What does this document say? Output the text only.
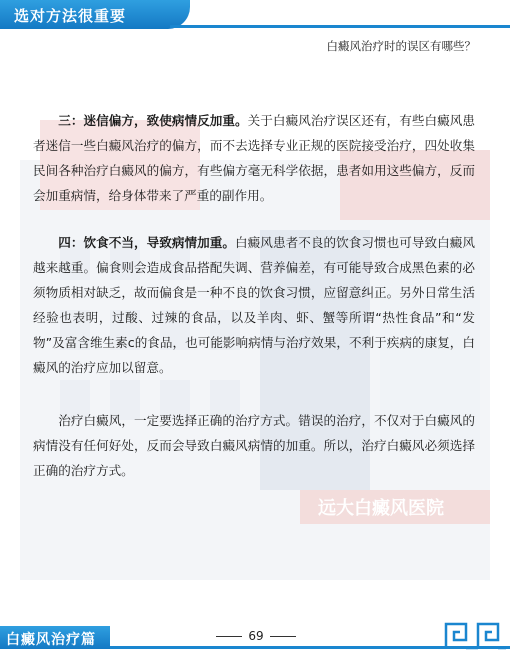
选对方法很重要
白癜风治疗时的误区有哪些？
远大白癜风医院

三：迷信偏方，致使病情反加重。关于白癜风治疗误区还有，有些白癜风患者迷信一些白癜风治疗的偏方，而不去选择专业正规的医院接受治疗，四处收集民间各种治疗白癜风的偏方，有些偏方毫无科学依据，患者如用这些偏方，反而会加重病情，给身体带来了严重的副作用。

四：饮食不当，导致病情加重。白癜风患者不良的饮食习惯也可导致白癜风越来越重。偏食则会造成食品搭配失调、营养偏差，有可能导致合成黑色素的必须物质相对缺乏，故而偏食是一种不良的饮食习惯，应留意纠正。另外日常生活经验也表明，过酸、过辣的食品，以及羊肉、虾、蟹等所谓“热性食品”和“发物”及富含维生素c的食品，也可能影响病情与治疗效果，不利于疾病的康复，白癜风的治疗应加以留意。

治疗白癜风，一定要选择正确的治疗方式。错误的治疗，不仅对于白癜风的病情没有任何好处，反而会导致白癜风病情的加重。所以，治疗白癜风必须选择正确的治疗方式。

白癜风治疗篇	69
